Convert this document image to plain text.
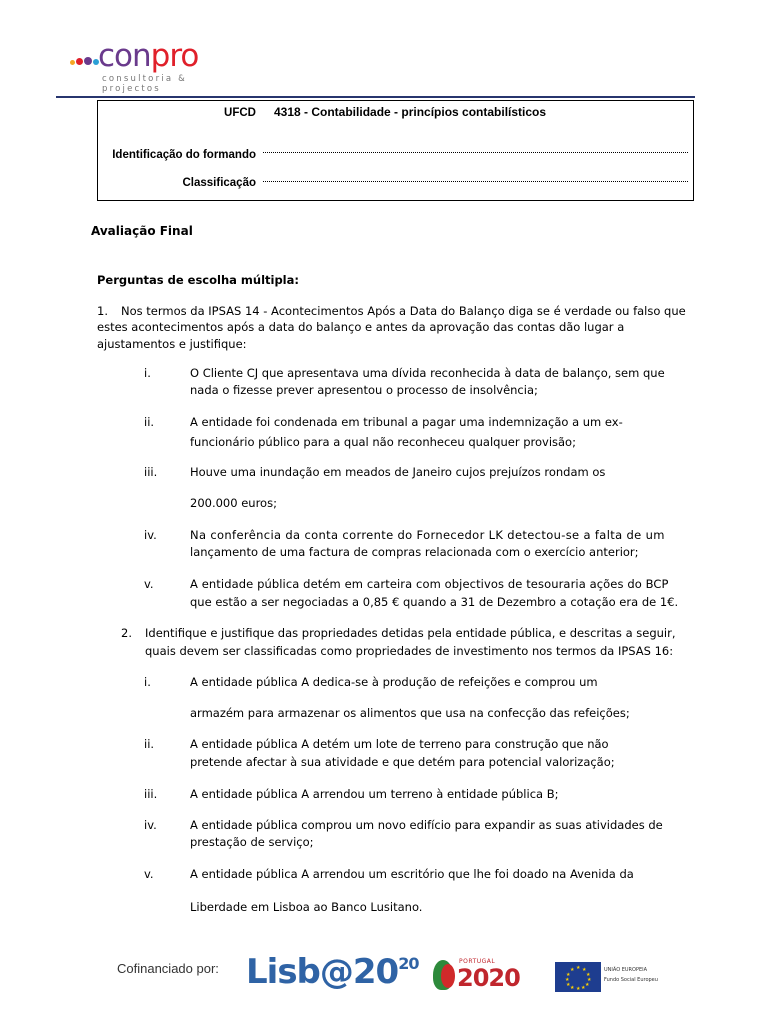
conpro
consultoria & projectos
UFCD 4318 - Contabilidade - princípios contabilísticos
Identificação do formando
Classificação
Avaliação Final
Perguntas de escolha múltipla:
1. Nos termos da IPSAS 14 - Acontecimentos Após a Data do Balanço diga se é verdade ou falso que
estes acontecimentos após a data do balanço e antes da aprovação das contas dão lugar a
ajustamentos e justifique:
i.	O Cliente CJ que apresentava uma dívida reconhecida à data de balanço, sem que
nada o fizesse prever apresentou o processo de insolvência;
ii.	A entidade foi condenada em tribunal a pagar uma indemnização a um ex-
funcionário público para a qual não reconheceu qualquer provisão;
iii.	Houve uma inundação em meados de Janeiro cujos prejuízos rondam os
200.000 euros;
iv.	Na conferência da conta corrente do Fornecedor LK detectou-se a falta de um
lançamento de uma factura de compras relacionada com o exercício anterior;
v.	A entidade pública detém em carteira com objectivos de tesouraria ações do BCP
que estão a ser negociadas a 0,85 € quando a 31 de Dezembro a cotação era de 1€.
2. Identifique e justifique das propriedades detidas pela entidade pública, e descritas a seguir,
quais devem ser classificadas como propriedades de investimento nos termos da IPSAS 16:
i.	A entidade pública A dedica-se à produção de refeições e comprou um
armazém para armazenar os alimentos que usa na confecção das refeições;
ii.	A entidade pública A detém um lote de terreno para construção que não
pretende afectar à sua atividade e que detém para potencial valorização;
iii.	A entidade pública A arrendou um terreno à entidade pública B;
iv.	A entidade pública comprou um novo edifício para expandir as suas atividades de
prestação de serviço;
v.	A entidade pública A arrendou um escritório que lhe foi doado na Avenida da
Liberdade em Lisboa ao Banco Lusitano.
Cofinanciado por: $Lisb@20^{20}$	PORTUGAL
2020	★ ★
★
★
★
★
★
★
★
★
★
★	UNIÃO EUROPEIA
Fundo Social Europeu
